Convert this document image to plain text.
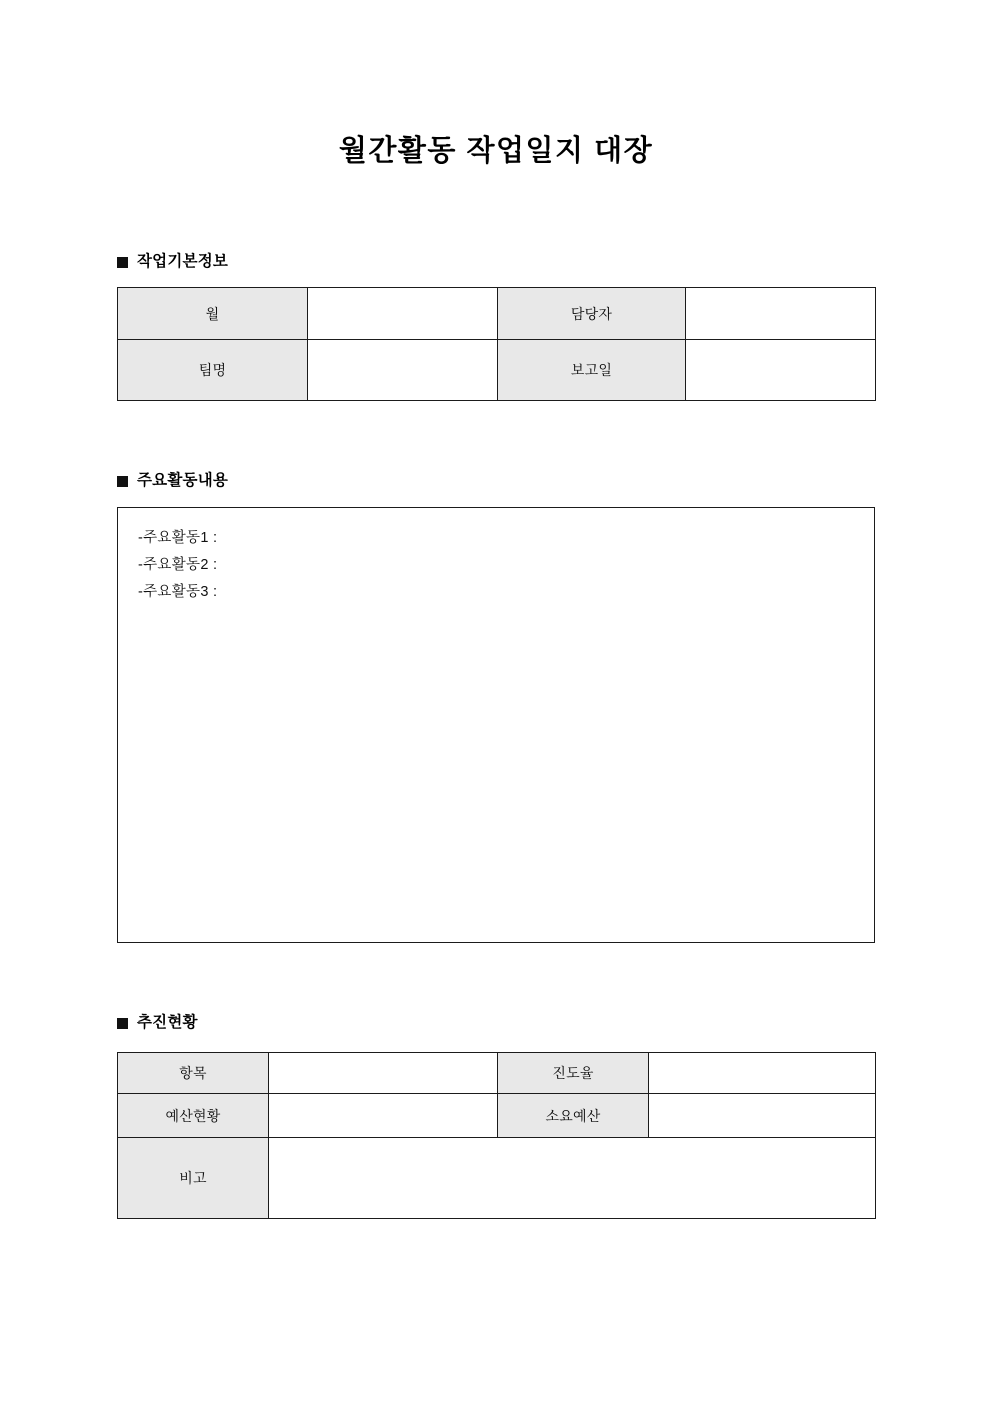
월간활동 작업일지 대장
작업기본정보
월		담당자	
팀명		보고일	
주요활동내용
-주요활동1 :
-주요활동2 :
-주요활동3 :
추진현황
항목		진도율	
예산현황		소요예산	
비고			
